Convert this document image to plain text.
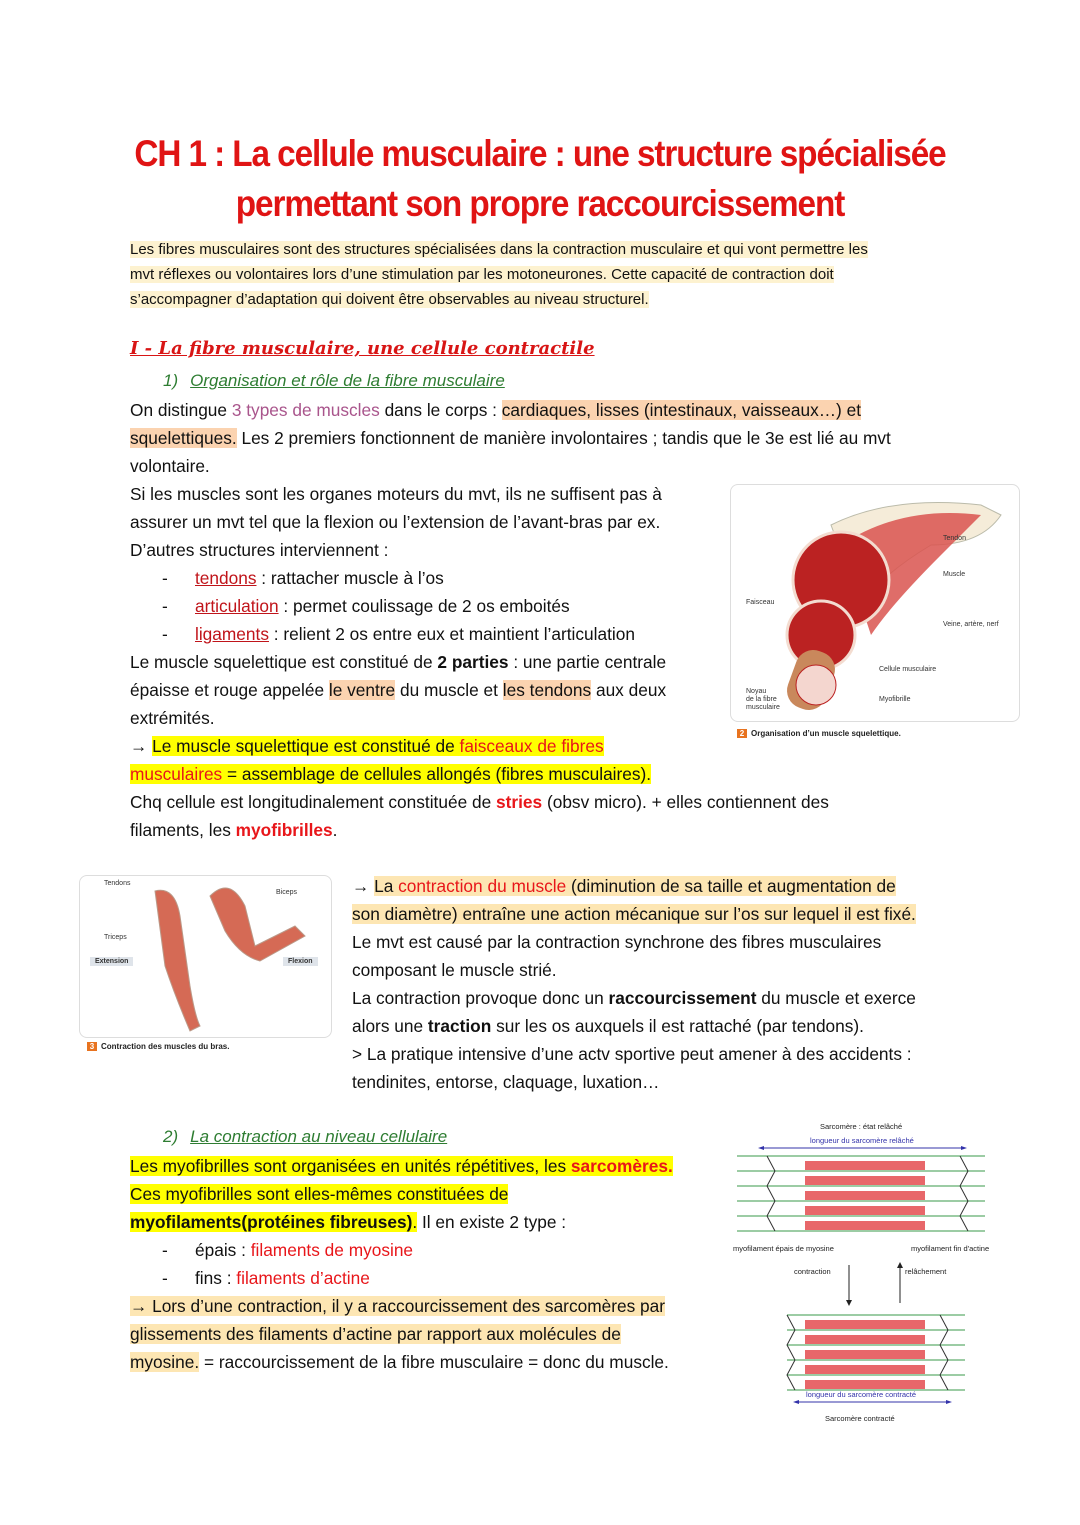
CH 1 : La cellule musculaire : une structure spécialisée
permettant son propre raccourcissement
Les fibres musculaires sont des structures spécialisées dans la contraction musculaire et qui vont permettre les
mvt réflexes ou volontaires lors d’une stimulation par les motoneurones. Cette capacité de contraction doit
s’accompagner d’adaptation qui doivent être observables au niveau structurel.
I - La fibre musculaire, une cellule contractile
1) Organisation et rôle de la fibre musculaire
On distingue 3 types de muscles dans le corps : cardiaques, lisses (intestinaux, vaisseaux…) et
squelettiques. Les 2 premiers fonctionnent de manière involontaires ; tandis que le 3e est lié au mvt
volontaire.
Si les muscles sont les organes moteurs du mvt, ils ne suffisent pas à
assurer un mvt tel que la flexion ou l’extension de l’avant-bras par ex.
D’autres structures interviennent :
- tendons : rattacher muscle à l’os
- articulation : permet coulissage de 2 os emboités
- ligaments : relient 2 os entre eux et maintient l’articulation
Le muscle squelettique est constitué de 2 parties : une partie centrale
épaisse et rouge appelée le ventre du muscle et les tendons aux deux
extrémités.
→ Le muscle squelettique est constitué de faisceaux de fibres
musculaires = assemblage de cellules allongés (fibres musculaires).
Chq cellule est longitudinalement constituée de stries (obsv micro). + elles contiennent des
filaments, les myofibrilles.
→ La contraction du muscle (diminution de sa taille et augmentation de
son diamètre) entraîne une action mécanique sur l’os sur lequel il est fixé.
Le mvt est causé par la contraction synchrone des fibres musculaires
composant le muscle strié.
La contraction provoque donc un raccourcissement du muscle et exerce
alors une traction sur les os auxquels il est rattaché (par tendons).
> La pratique intensive d’une actv sportive peut amener à des accidents :
tendinites, entorse, claquage, luxation…
2) La contraction au niveau cellulaire
Les myofibrilles sont organisées en unités répétitives, les sarcomères.
Ces myofibrilles sont elles-mêmes constituées de
myofilaments(protéines fibreuses). Il en existe 2 type :
- épais : filaments de myosine
- fins : filaments d’actine
→ Lors d’une contraction, il y a raccourcissement des sarcomères par
glissements des filaments d’actine par rapport aux molécules de
myosine. = raccourcissement de la fibre musculaire = donc du muscle.
Tendon
Muscle
Faisceau
Veine, artère, nerf
Cellule musculaire
Noyau
de la fibre
musculaire
Myofibrille
2 Organisation d’un muscle squelettique.
Tendons
Biceps
Triceps
Extension	Flexion
3 Contraction des muscles du bras.
Sarcomère : état relâché
longueur du sarcomère relâché
myofilament épais de myosine	myofilament fin d'actine
contraction	relâchement
longueur du sarcomère contracté
Sarcomère contracté
